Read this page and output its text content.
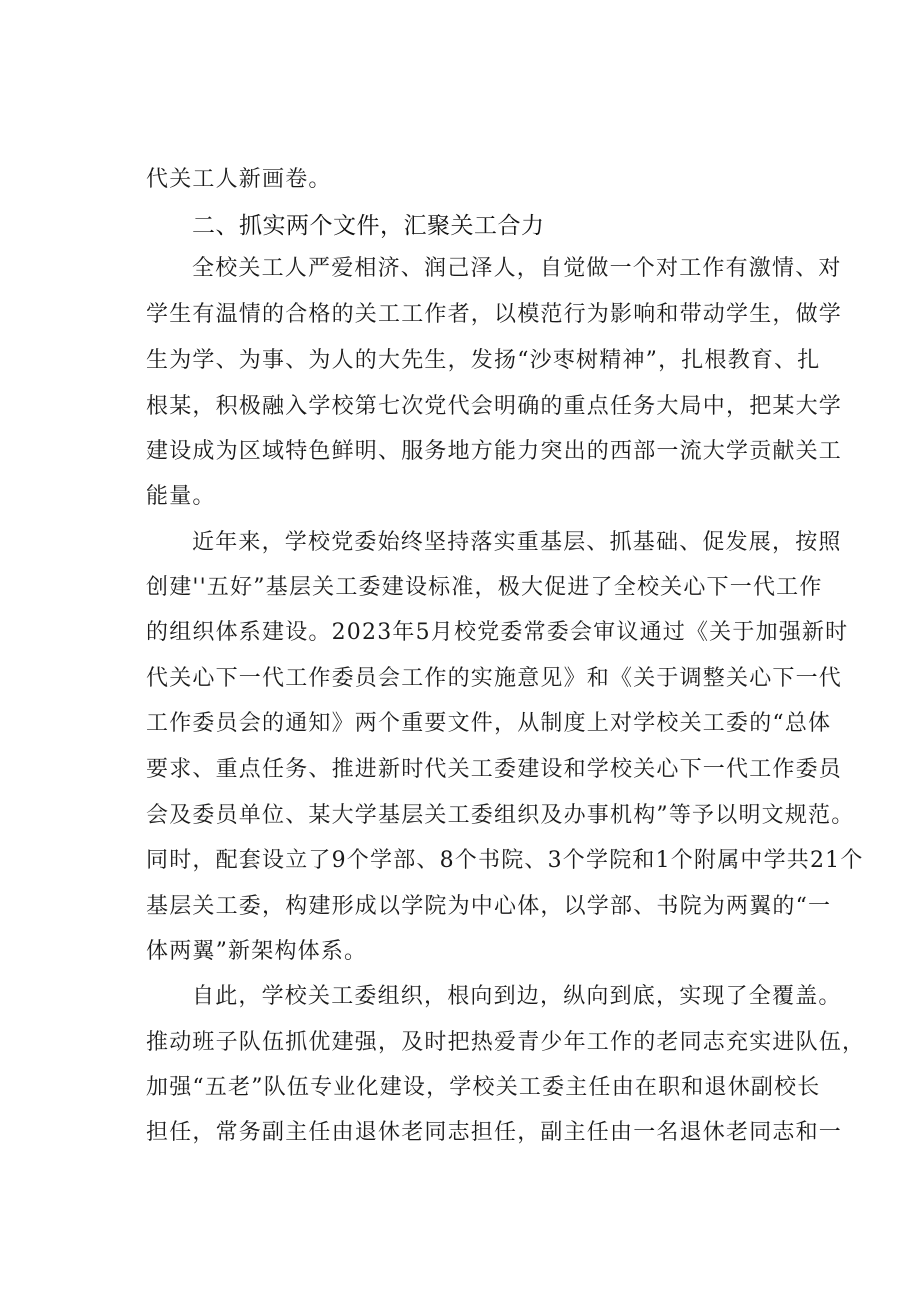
代关工人新画卷。
二、抓实两个文件，汇聚关工合力
全校关工人严爱相济、润己泽人，自觉做一个对工作有激情、对
学生有温情的合格的关工工作者，以模范行为影响和带动学生，做学
生为学、为事、为人的大先生，发扬“沙枣树精神”，扎根教育、扎
根某，积极融入学校第七次党代会明确的重点任务大局中，把某大学
建设成为区域特色鲜明、服务地方能力突出的西部一流大学贡献关工
能量。
近年来，学校党委始终坚持落实重基层、抓基础、促发展，按照
创建''五好”基层关工委建设标准，极大促进了全校关心下一代工作
的组织体系建设。2023年5月校党委常委会审议通过《关于加强新时
代关心下一代工作委员会工作的实施意见》和《关于调整关心下一代
工作委员会的通知》两个重要文件，从制度上对学校关工委的“总体
要求、重点任务、推进新时代关工委建设和学校关心下一代工作委员
会及委员单位、某大学基层关工委组织及办事机构”等予以明文规范。
同时，配套设立了9个学部、8个书院、3个学院和1个附属中学共21个
基层关工委，构建形成以学院为中心体，以学部、书院为两翼的“一
体两翼”新架构体系。
自此，学校关工委组织，根向到边，纵向到底，实现了全覆盖。
推动班子队伍抓优建强，及时把热爱青少年工作的老同志充实进队伍，
加强“五老”队伍专业化建设，学校关工委主任由在职和退休副校长
担任，常务副主任由退休老同志担任，副主任由一名退休老同志和一
